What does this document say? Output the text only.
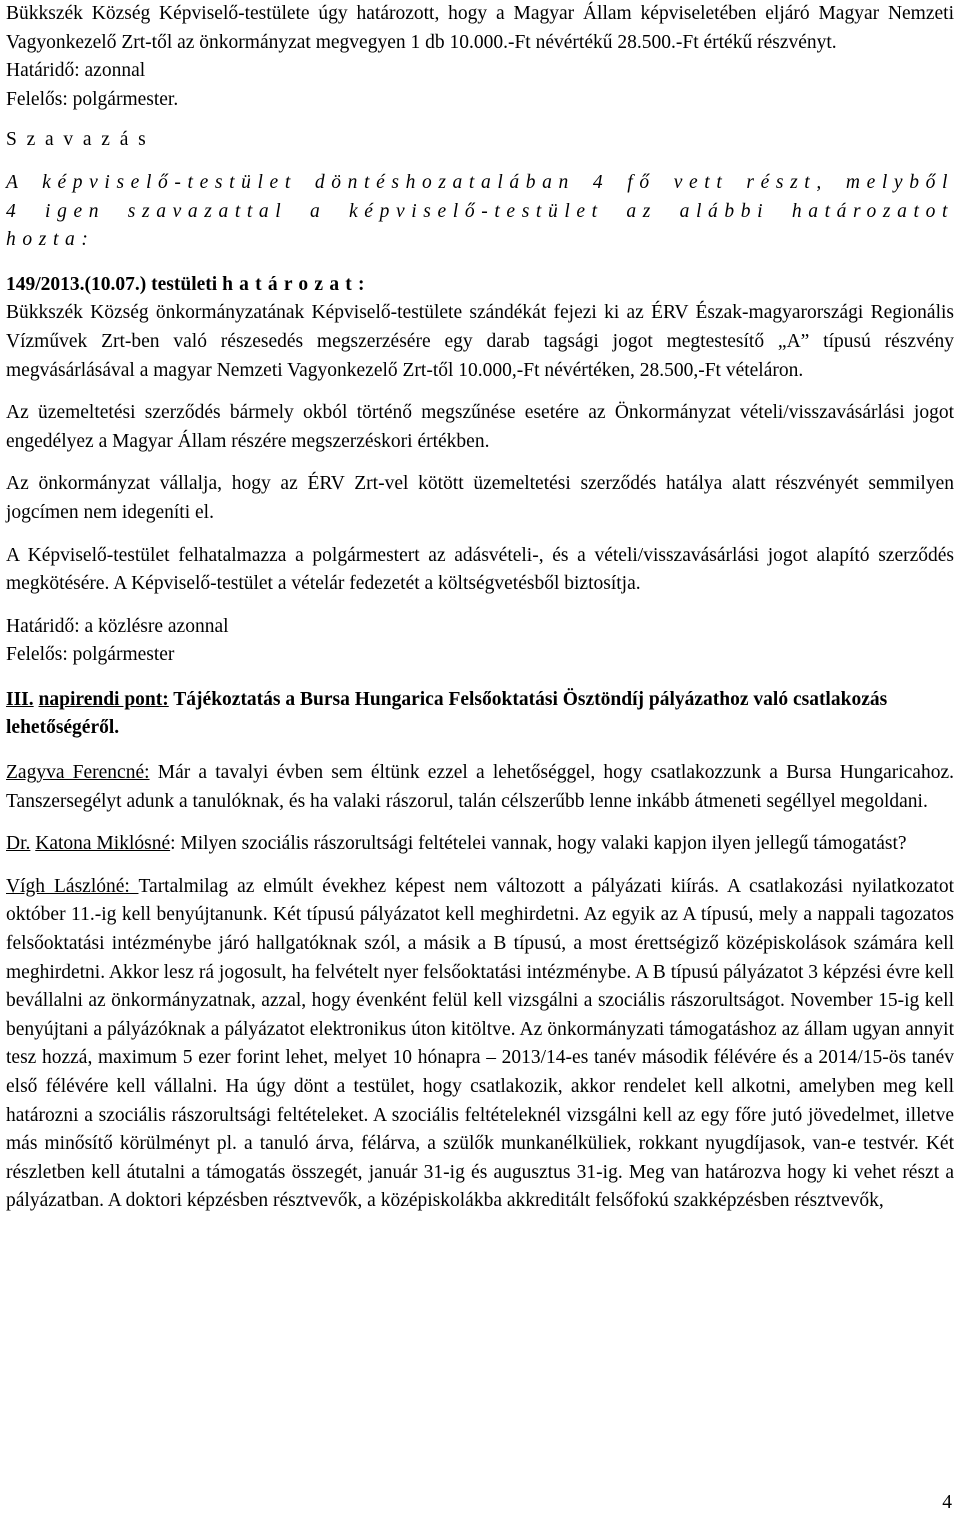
Bükkszék Község Képviselő-testülete úgy határozott, hogy a Magyar Állam képviseletében eljáró Magyar Nemzeti Vagyonkezelő Zrt-től az önkormányzat megvegyen 1 db 10.000.-Ft névértékű 28.500.-Ft értékű részvényt.

Határidő: azonnal

Felelős: polgármester.

Szavazás

A képviselő-testület döntéshozatalában 4 fő vett részt, melyből 4 igen szavazattal a képviselő-testület az alábbi határozatot hozta:

149/2013.(10.07.) testületi határozat:

Bükkszék Község önkormányzatának Képviselő-testülete szándékát fejezi ki az ÉRV Észak-magyarországi Regionális Vízművek Zrt-ben való részesedés megszerzésére egy darab tagsági jogot megtestesítő „A” típusú részvény megvásárlásával a magyar Nemzeti Vagyonkezelő Zrt-től 10.000,-Ft névértéken, 28.500,-Ft vételáron.

Az üzemeltetési szerződés bármely okból történő megszűnése esetére az Önkormányzat vételi/visszavásárlási jogot engedélyez a Magyar Állam részére megszerzéskori értékben.

Az önkormányzat vállalja, hogy az ÉRV Zrt-vel kötött üzemeltetési szerződés hatálya alatt részvényét semmilyen jogcímen nem idegeníti el.

A Képviselő-testület felhatalmazza a polgármestert az adásvételi-, és a vételi/visszavásárlási jogot alapító szerződés megkötésére. A Képviselő-testület a vételár fedezetét a költségvetésből biztosítja.

Határidő: a közlésre azonnal

Felelős: polgármester

III. napirendi pont: Tájékoztatás a Bursa Hungarica Felsőoktatási Ösztöndíj pályázathoz való csatlakozás lehetőségéről.

Zagyva Ferencné: Már a tavalyi évben sem éltünk ezzel a lehetőséggel, hogy csatlakozzunk a Bursa Hungaricahoz. Tanszersegélyt adunk a tanulóknak, és ha valaki rászorul, talán célszerűbb lenne inkább átmeneti segéllyel megoldani.

Dr. Katona Miklósné: Milyen szociális rászorultsági feltételei vannak, hogy valaki kapjon ilyen jellegű támogatást?

Vígh Lászlóné: Tartalmilag az elmúlt évekhez képest nem változott a pályázati kiírás. A csatlakozási nyilatkozatot október 11.-ig kell benyújtanunk. Két típusú pályázatot kell meghirdetni. Az egyik az A típusú, mely a nappali tagozatos felsőoktatási intézménybe járó hallgatóknak szól, a másik a B típusú, a most érettségiző középiskolások számára kell meghirdetni. Akkor lesz rá jogosult, ha felvételt nyer felsőoktatási intézménybe. A B típusú pályázatot 3 képzési évre kell bevállalni az önkormányzatnak, azzal, hogy évenként felül kell vizsgálni a szociális rászorultságot. November 15-ig kell benyújtani a pályázóknak a pályázatot elektronikus úton kitöltve. Az önkormányzati támogatáshoz az állam ugyan annyit tesz hozzá, maximum 5 ezer forint lehet, melyet 10 hónapra – 2013/14-es tanév második félévére és a 2014/15-ös tanév első félévére kell vállalni. Ha úgy dönt a testület, hogy csatlakozik, akkor rendelet kell alkotni, amelyben meg kell határozni a szociális rászorultsági feltételeket. A szociális feltételeknél vizsgálni kell az egy főre jutó jövedelmet, illetve más minősítő körülményt pl. a tanuló árva, félárva, a szülők munkanélküliek, rokkant nyugdíjasok, van-e testvér. Két részletben kell átutalni a támogatás összegét, január 31-ig és augusztus 31-ig. Meg van határozva hogy ki vehet részt a pályázatban. A doktori képzésben résztvevők, a középiskolákba akkreditált felsőfokú szakképzésben résztvevők,

4
